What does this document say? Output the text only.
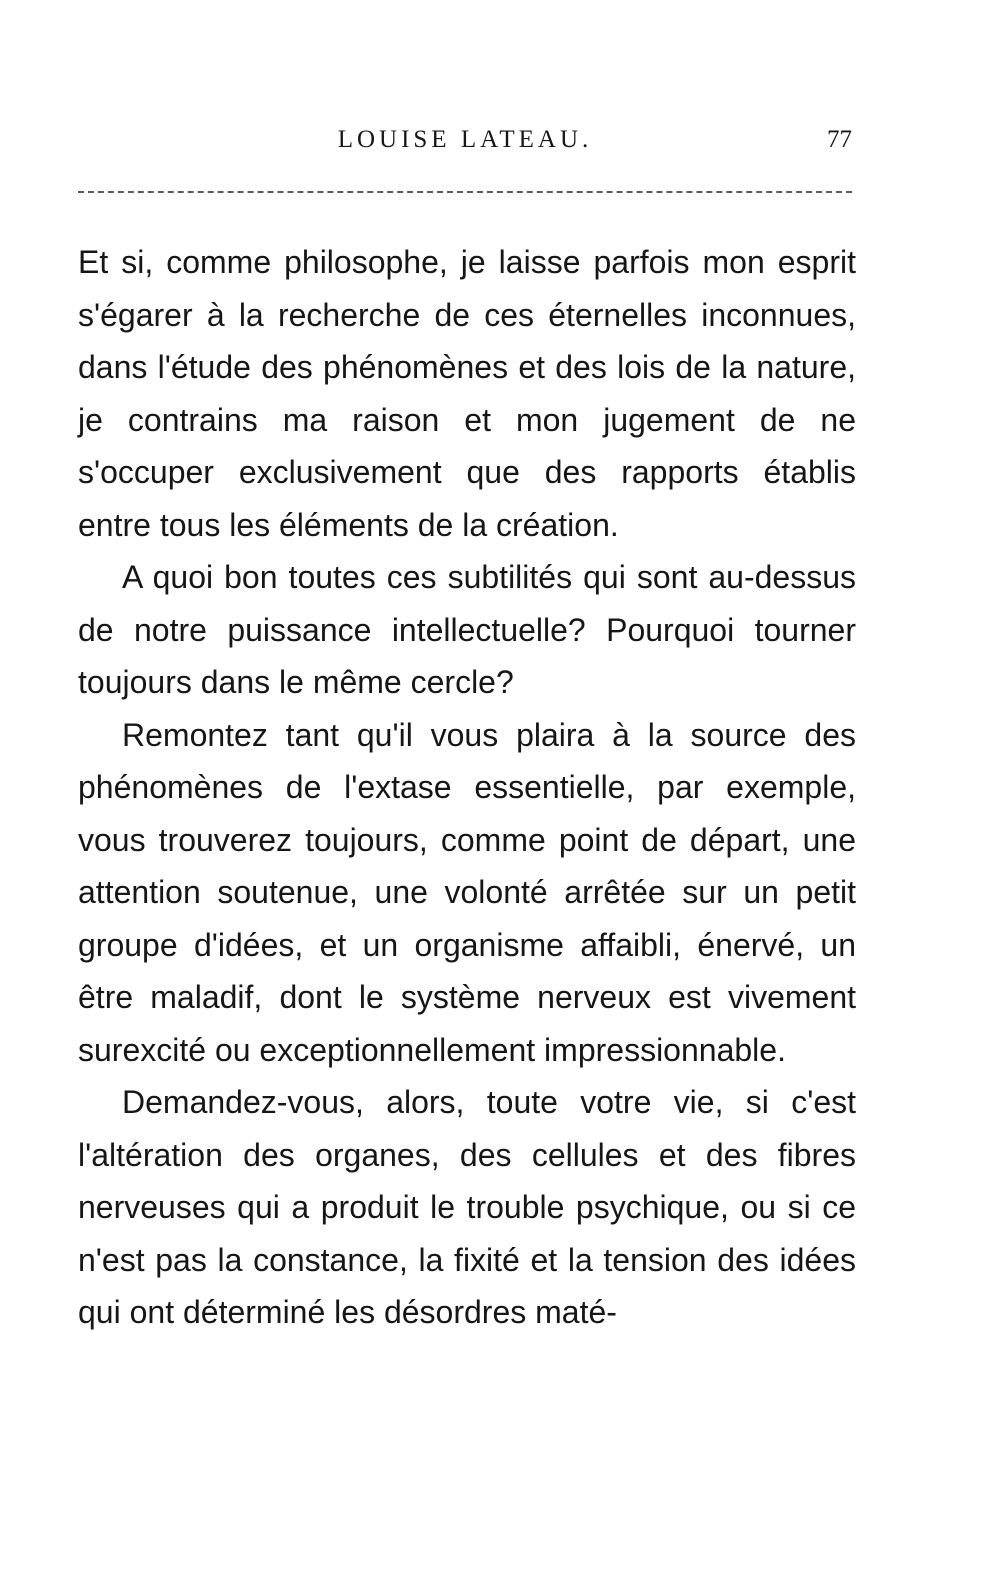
LOUISE LATEAU.	77

Et si, comme philosophe, je laisse parfois mon esprit s'égarer à la recherche de ces éternelles inconnues, dans l'étude des phénomènes et des lois de la nature, je contrains ma raison et mon jugement de ne s'occuper exclusivement que des rapports établis entre tous les éléments de la création.

A quoi bon toutes ces subtilités qui sont au-dessus de notre puissance intellectuelle? Pourquoi tourner toujours dans le même cercle?

Remontez tant qu'il vous plaira à la source des phénomènes de l'extase essentielle, par exemple, vous trouverez toujours, comme point de départ, une attention soutenue, une volonté arrêtée sur un petit groupe d'idées, et un organisme affaibli, énervé, un être maladif, dont le système nerveux est vivement surexcité ou exceptionnellement impressionnable.

Demandez-vous, alors, toute votre vie, si c'est l'altération des organes, des cellules et des fibres nerveuses qui a produit le trouble psychique, ou si ce n'est pas la constance, la fixité et la tension des idées qui ont déterminé les désordres maté-
